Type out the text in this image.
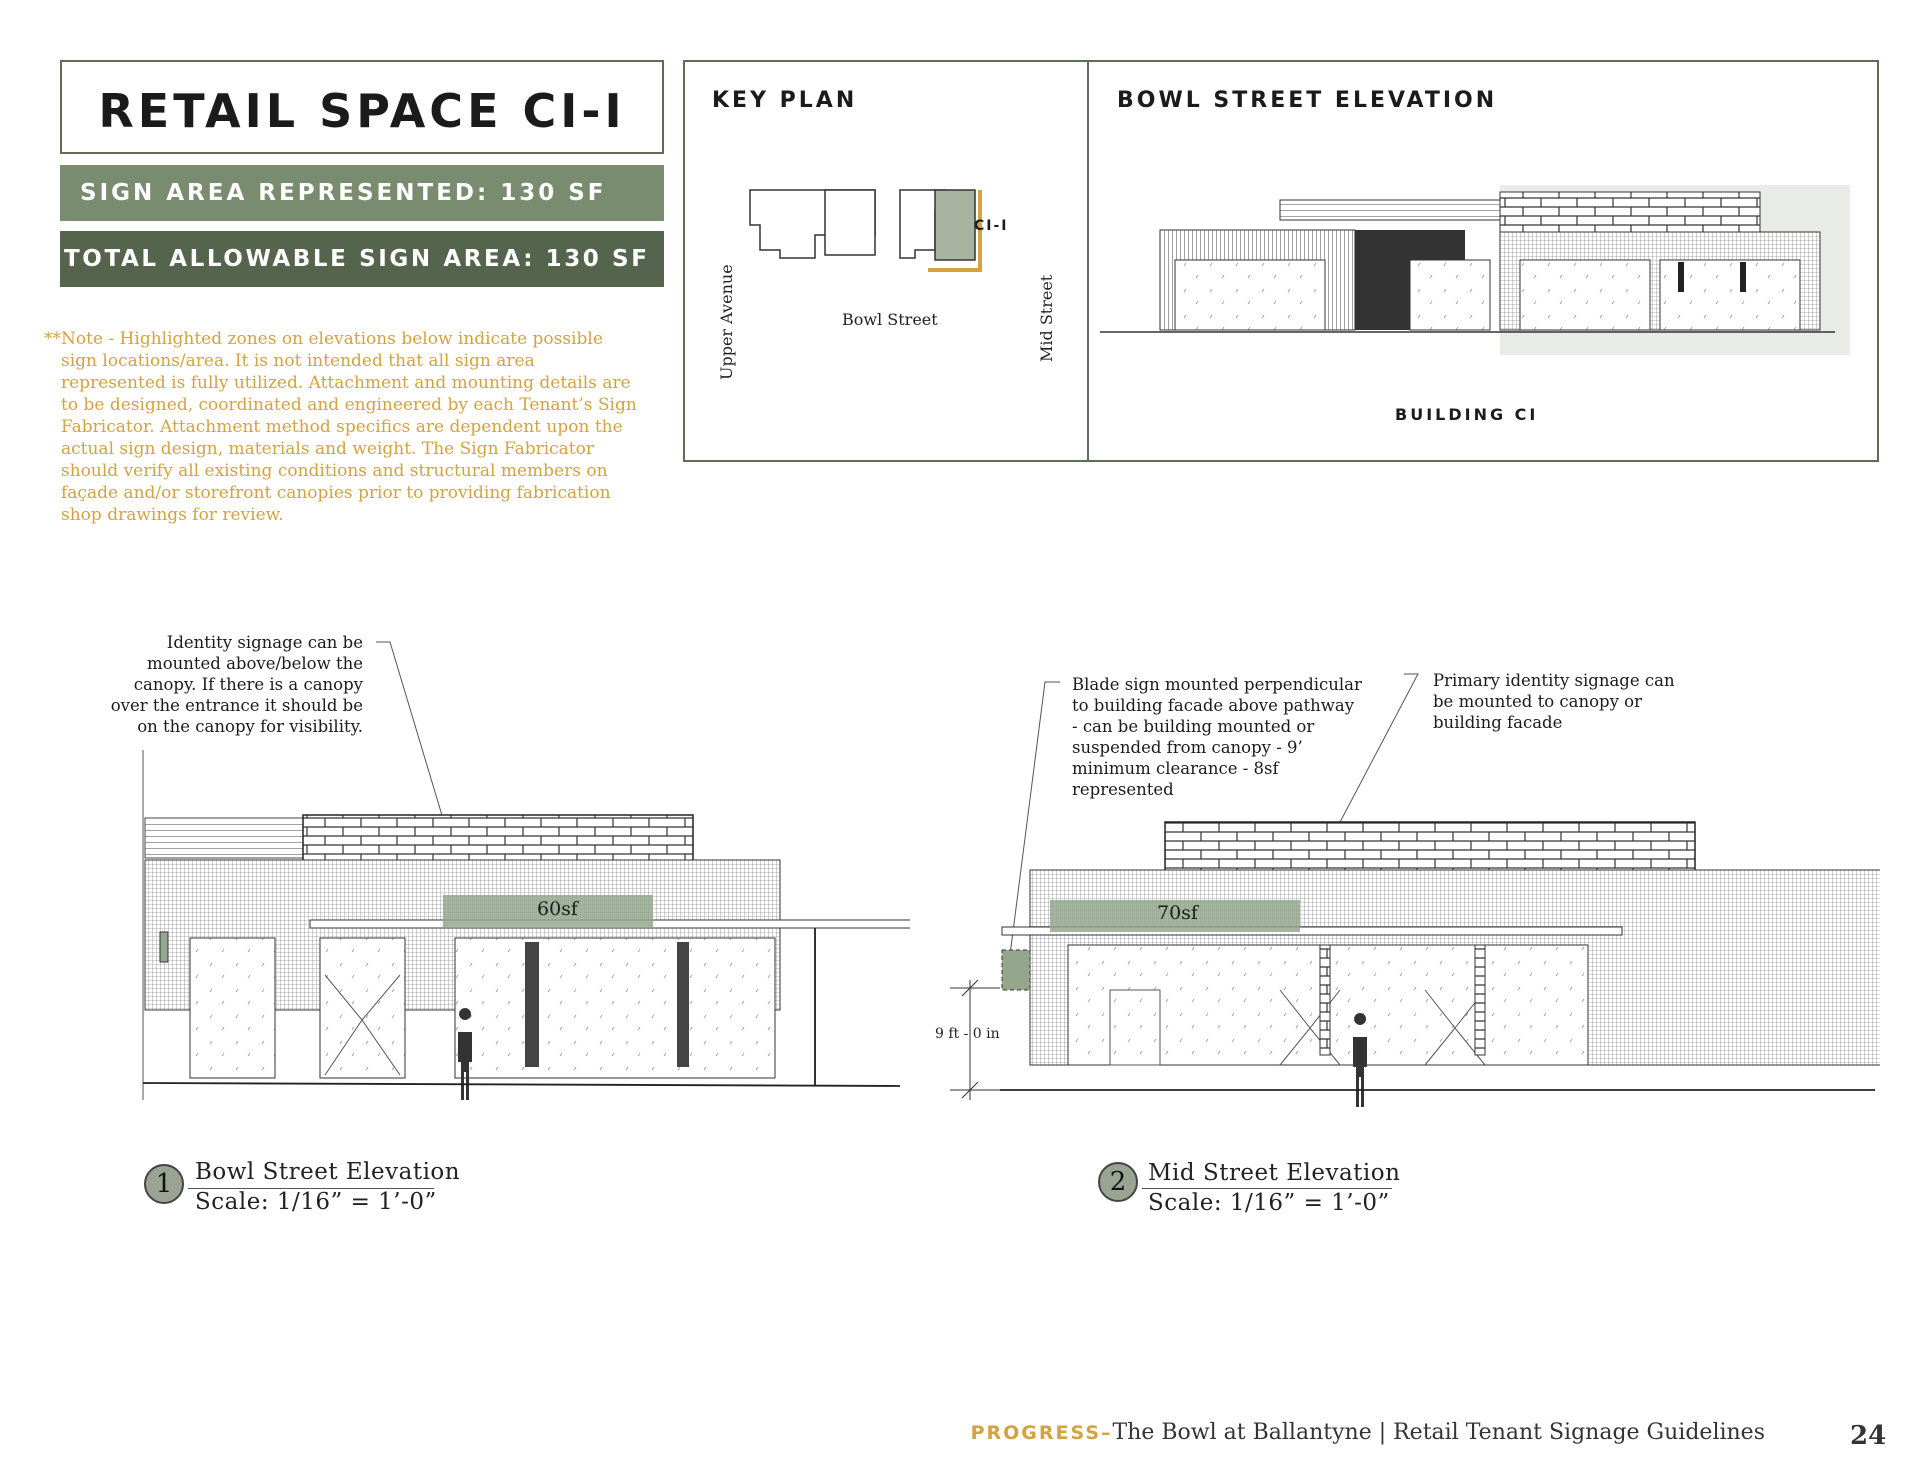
RETAIL SPACE CI-I
SIGN AREA REPRESENTED: 130 SF
TOTAL ALLOWABLE SIGN AREA: 130 SF

**Note - Highlighted zones on elevations below indicate possible sign locations/area. It is not intended that all sign area represented is fully utilized. Attachment and mounting details are to be designed, coordinated and engineered by each Tenant’s Sign Fabricator. Attachment method specifics are dependent upon the actual sign design, materials and weight. The Sign Fabricator should verify all existing conditions and structural members on façade and/or storefront canopies prior to providing fabrication shop drawings for review.

KEY PLAN
CI-I
Upper Avenue	Bowl Street	Mid Street
BOWL STREET ELEVATION
BUILDING CI
Identity signage can be mounted above/below the canopy. If there is a canopy over the entrance it should be on the canopy for visibility.
60sf
1 Bowl Street Elevation
Scale: 1/16” = 1’-0”
Blade sign mounted perpendicular to building facade above pathway - can be building mounted or suspended from canopy - 9’ minimum clearance - 8sf represented
Primary identity signage can be mounted to canopy or building facade
70sf
9 ft - 0 in
2 Mid Street Elevation
Scale: 1/16” = 1’-0”
PROGRESS–The Bowl at Ballantyne | Retail Tenant Signage Guidelines	24
